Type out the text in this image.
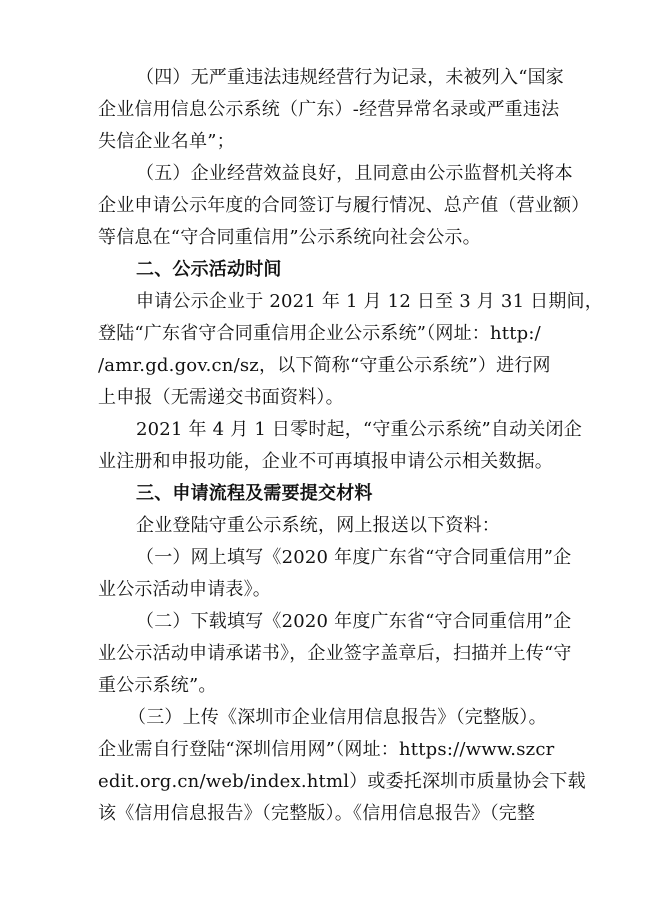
（四）无严重违法违规经营行为记录，未被列入“国家
企业信用信息公示系统（广东）-经营异常名录或严重违法
失信企业名单”；
（五）企业经营效益良好，且同意由公示监督机关将本
企业申请公示年度的合同签订与履行情况、总产值（营业额）
等信息在“守合同重信用”公示系统向社会公示。
二、公示活动时间
申请公示企业于 2021 年 1 月 12 日至 3 月 31 日期间，
登陆“广东省守合同重信用企业公示系统”（网址：http:/
/amr.gd.gov.cn/sz，以下简称“守重公示系统”）进行网
上申报（无需递交书面资料）。
2021 年 4 月 1 日零时起，“守重公示系统”自动关闭企
业注册和申报功能，企业不可再填报申请公示相关数据。
三、申请流程及需要提交材料
企业登陆守重公示系统，网上报送以下资料：
（一）网上填写《2020 年度广东省“守合同重信用”企
业公示活动申请表》。
（二）下载填写《2020 年度广东省“守合同重信用”企
业公示活动申请承诺书》，企业签字盖章后，扫描并上传“守
重公示系统”。
（三）上传《深圳市企业信用信息报告》（完整版）。
企业需自行登陆“深圳信用网”（网址：https://www.szcr
edit.org.cn/web/index.html）或委托深圳市质量协会下载
该《信用信息报告》（完整版）。《信用信息报告》（完整
